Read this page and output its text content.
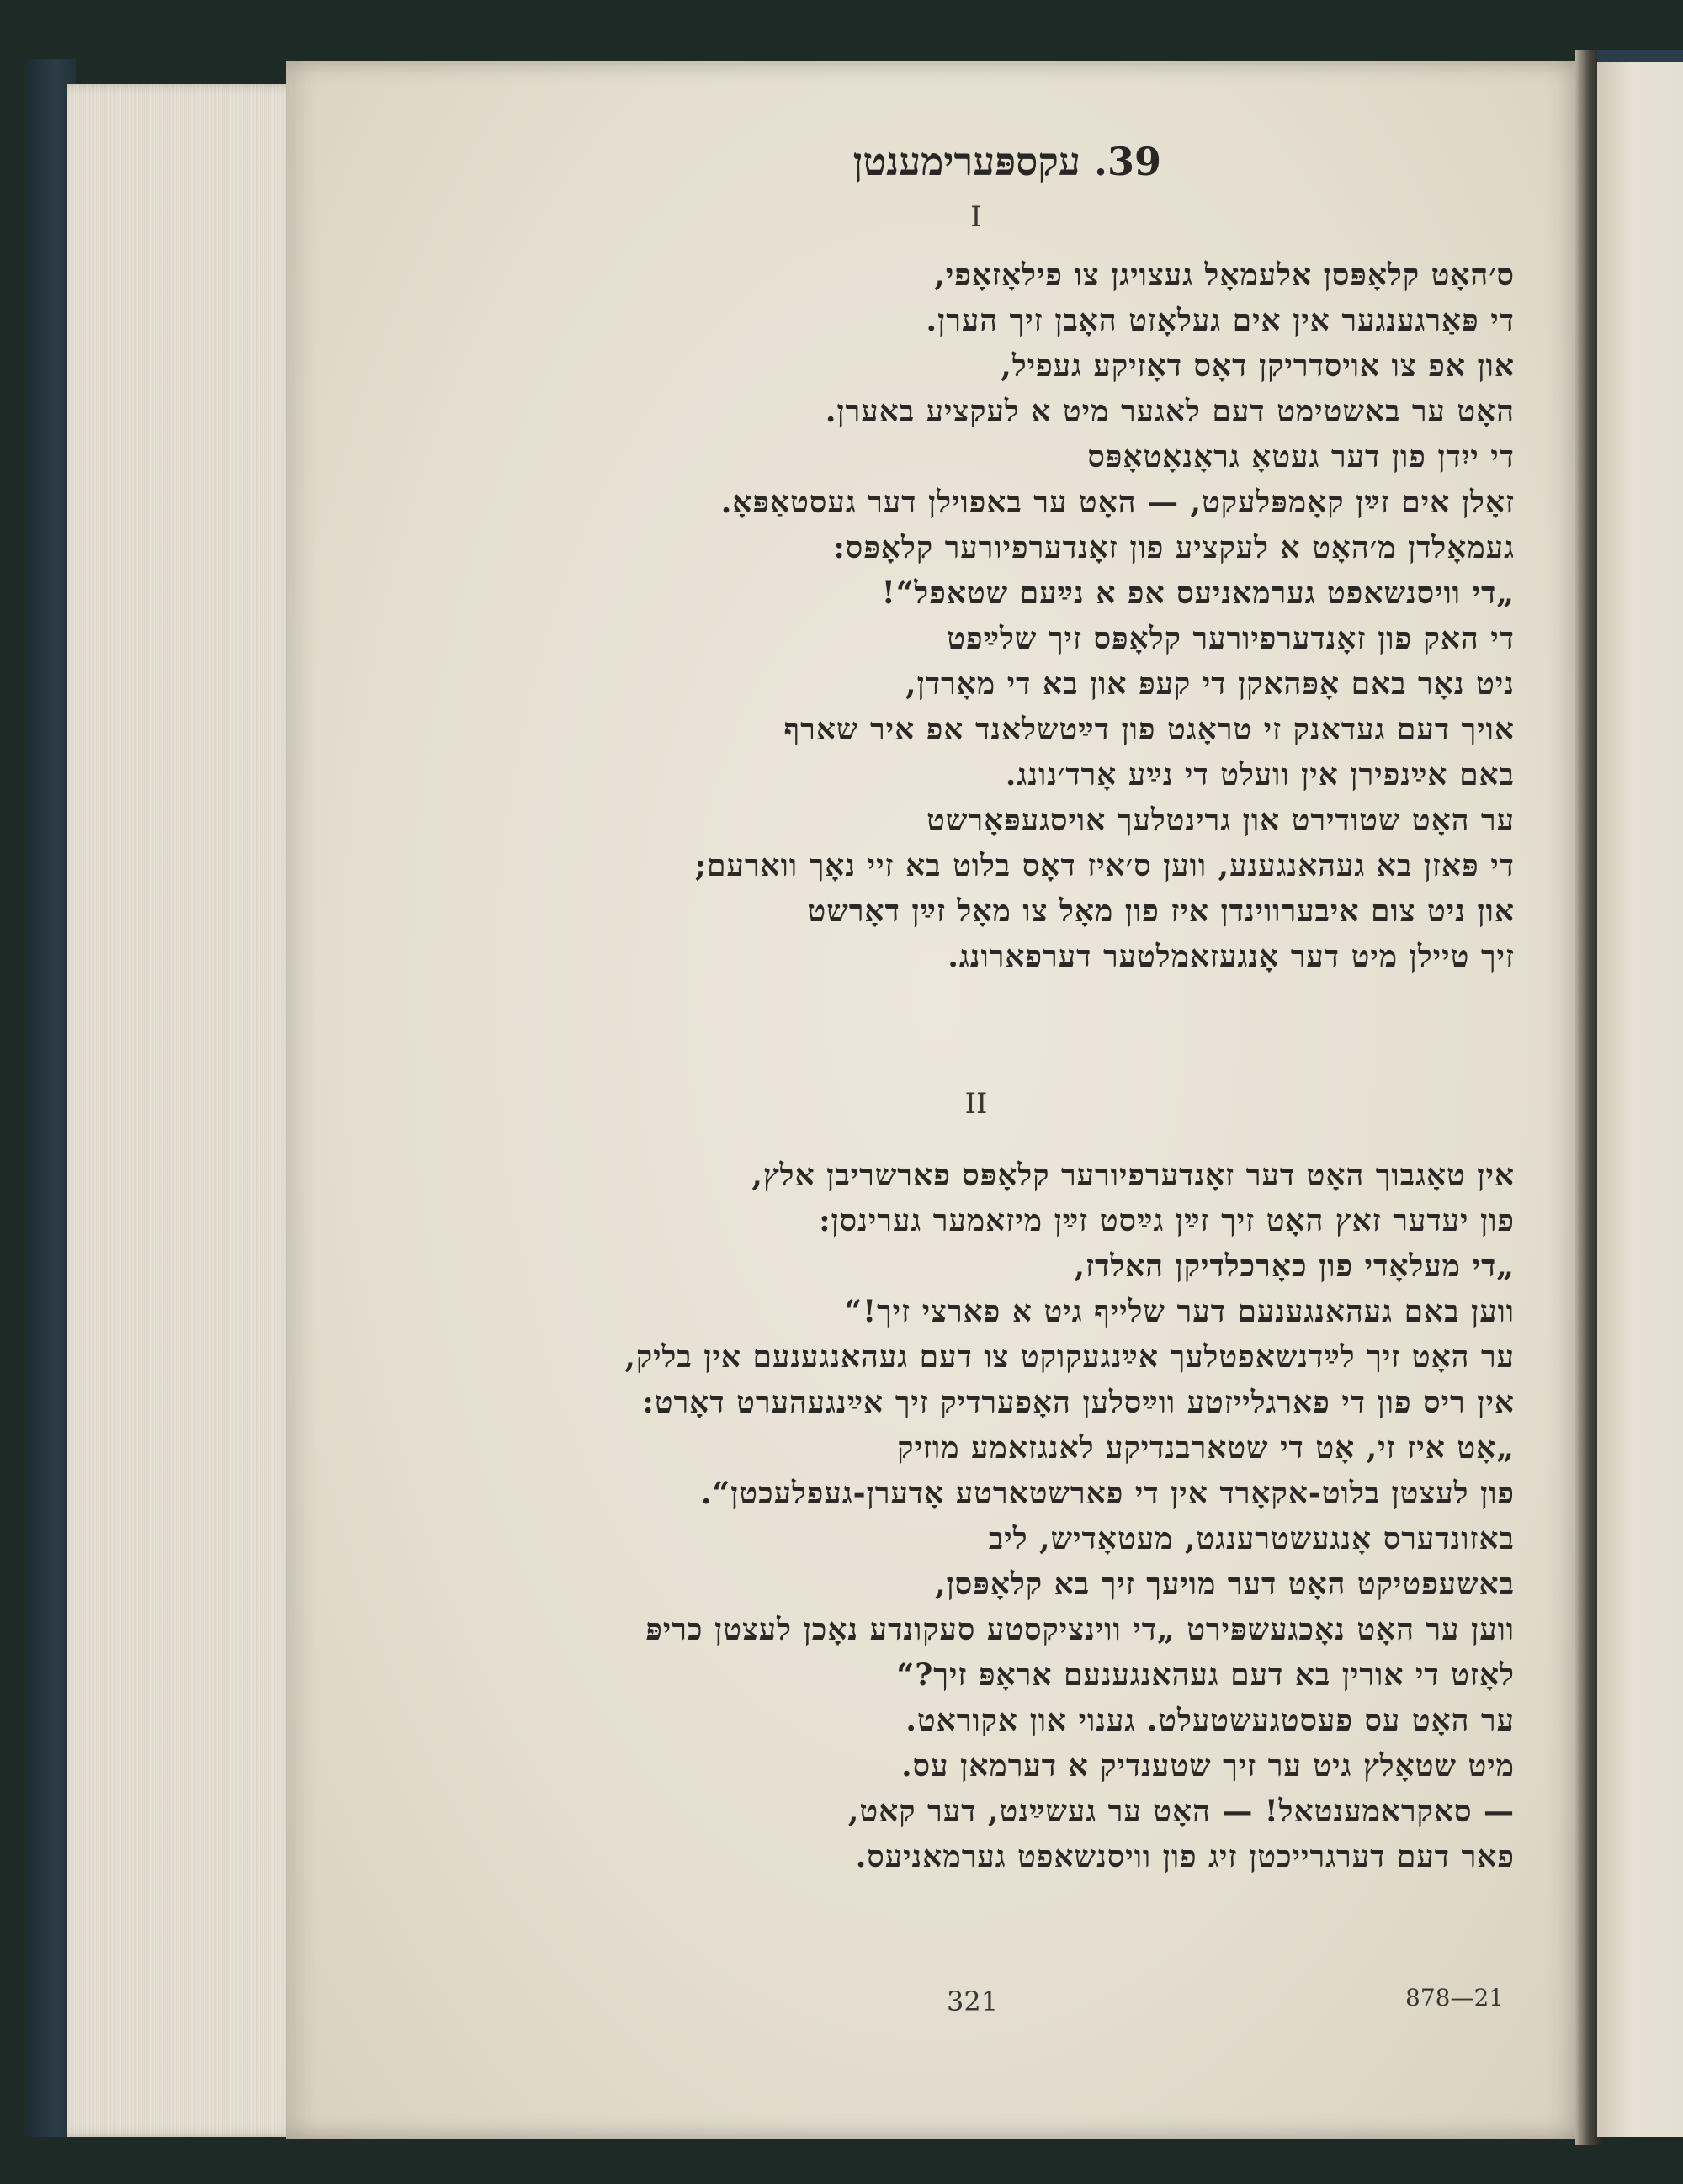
39. עקספּערימענטן
I
ס׳האָט קלאָפּסן אלעמאָל געצויגן צו פילאָזאָפי,
די פּאַרגענגער אין אים געלאָזט האָבן זיך הערן.
און אפ צו אויסדריקן דאָס דאָזיקע געפיל,
האָט ער באשטימט דעם לאגער מיט א לעקציע באערן.
די ייִדן פון דער געטאָ גראָנאָטאָפּס
זאָלן אים זײַן קאָמפּלעקט, — האָט ער באפוילן דער געסטאַפּאָ.
געמאָלדן מ׳האָט א לעקציע פון זאָנדערפיורער קלאָפּס:
„די וויסנשאפט גערמאניעס אפ א נײַעם שטאפל“!
די האק פון זאָנדערפיורער קלאָפּס זיך שלײַפט
ניט נאָר באם אָפּהאקן די קעפּ און בא די מאָרדן,
אויך דעם געדאנק זי טראָגט פון דײַטשלאנד אפ איר שארף
באם אײַנפירן אין וועלט די נײַע אָרד׳נונג.
ער האָט שטודירט און גרינטלעך אויסגעפּאָרשט
די פּאזן בא געהאנגענע, ווען ס׳איז דאָס בלוט בא זיי נאָך ווארעם;
און ניט צום איבערווינדן איז פון מאָל צו מאָל זײַן דאָרשט
זיך טיילן מיט דער אָנגעזאמלטער דערפארונג.
II
אין טאָגבוך האָט דער זאָנדערפיורער קלאָפּס פארשריבן אלץ,
פון יעדער זאץ האָט זיך זײַן גײַסט זײַן מיזאמער גערינסן:
„די מעלאָדי פון כאָרכלדיקן האלדז,
ווען באם געהאנגענעם דער שלייף גיט א פארצי זיך!“
ער האָט זיך לײַדנשאפטלעך אײַנגעקוקט צו דעם געהאנגענעם אין בליק,
אין ריס פון די פארגלייזטע ווײַסלען האָפערדיק זיך אײַנגעהערט דאָרט:
„אָט איז זי, אָט די שטארבנדיקע לאנגזאמע מוזיק
פון לעצטן בלוט-אקאָרד אין די פארשטארטע אָדערן-געפלעכטן“.
באזונדערס אָנגעשטרענגט, מעטאָדיש, ליב
באשעפטיקט האָט דער מויעך זיך בא קלאָפּסן,
ווען ער האָט נאָכגעשפּירט „די ווינציקסטע סעקונדע נאָכן לעצטן כריפּ
לאָזט די אורין בא דעם געהאנגענעם אראָפּ זיך?“
ער האָט עס פעסטגעשטעלט. גענוי און אקוראט.
מיט שטאָלץ גיט ער זיך שטענדיק א דערמאן עס.
— סאקראמענטאל! — האָט ער געשײַנט, דער קאט,
פאר דעם דערגרייכטן זיג פון וויסנשאפט גערמאניעס.
321	878—21
